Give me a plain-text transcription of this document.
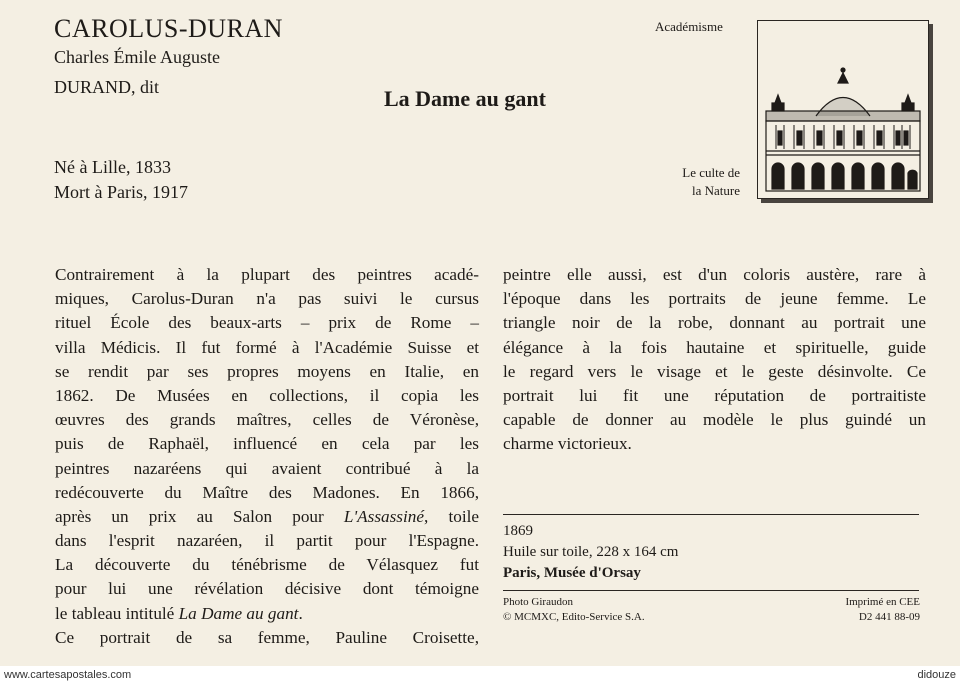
CAROLUS-DURAN
Charles Émile Auguste
DURAND, dit
Né à Lille, 1833
Mort à Paris, 1917
La Dame au gant
Académisme
Le culte de
la Nature
Contrairement à la plupart des peintres acadé-
miques, Carolus-Duran n'a pas suivi le cursus
rituel École des beaux-arts – prix de Rome –
villa Médicis. Il fut formé à l'Académie Suisse et
se rendit par ses propres moyens en Italie, en
1862. De Musées en collections, il copia les
œuvres des grands maîtres, celles de Véronèse,
puis de Raphaël, influencé en cela par les
peintres nazaréens qui avaient contribué à la
redécouverte du Maître des Madones. En 1866,
après un prix au Salon pour L'Assassiné, toile
dans l'esprit nazaréen, il partit pour l'Espagne.
La découverte du ténébrisme de Vélasquez fut
pour lui une révélation décisive dont témoigne
le tableau intitulé La Dame au gant.
Ce portrait de sa femme, Pauline Croisette,
peintre elle aussi, est d'un coloris austère, rare à
l'époque dans les portraits de jeune femme. Le
triangle noir de la robe, donnant au portrait une
élégance à la fois hautaine et spirituelle, guide
le regard vers le visage et le geste désinvolte. Ce
portrait lui fit une réputation de portraitiste
capable de donner au modèle le plus guindé un
charme victorieux.
1869
Huile sur toile, 228 x 164 cm
Paris, Musée d'Orsay
Photo Giraudon
© MCMXC, Edito-Service S.A.
Imprimé en CEE
D2 441 88-09
www.cartesapostales.com	didouze
